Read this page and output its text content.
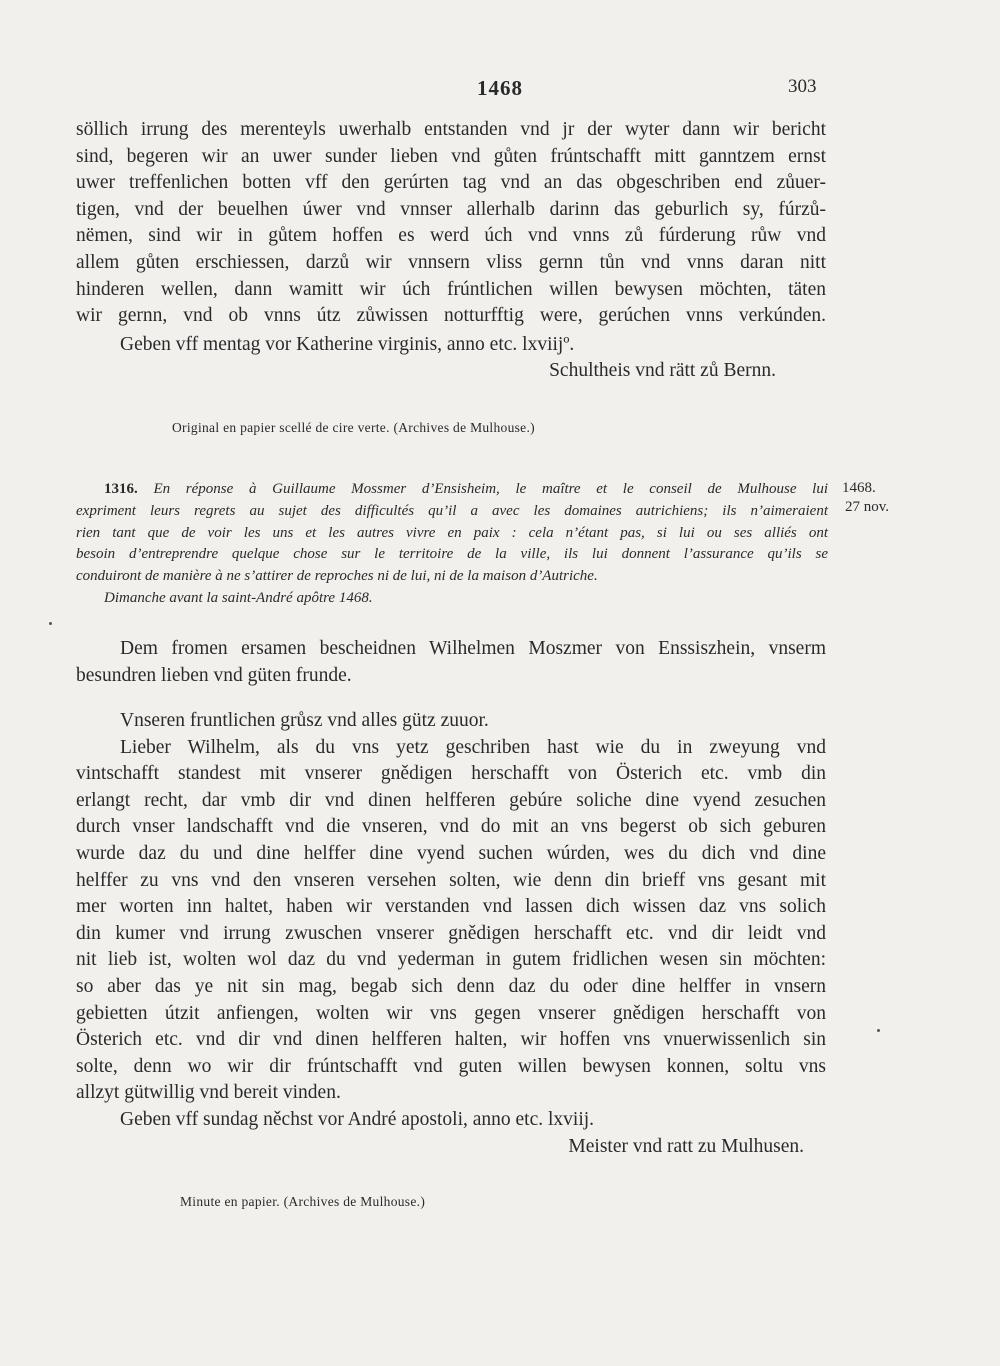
1468	303
söllich irrung des merenteyls uwerhalb entstanden vnd jr der wyter dann wir bericht
sind, begeren wir an uwer sunder lieben vnd gůten frúntschafft mitt ganntzem ernst
uwer treffenlichen botten vff den gerúrten tag vnd an das obgeschriben end zůuer-
tigen, vnd der beuelhen úwer vnd vnnser allerhalb darinn das geburlich sy, fúrzů-
nëmen, sind wir in gůtem hoffen es werd úch vnd vnns zů fúrderung růw vnd
allem gůten erschiessen, darzů wir vnnsern vliss gernn tůn vnd vnns daran nitt
hinderen wellen, dann wamitt wir úch frúntlichen willen bewysen möchten, täten
wir gernn, vnd ob vnns útz zůwissen notturfftig were, gerúchen vnns verkúnden.
Geben vff mentag vor Katherine virginis, anno etc. lxviijº.
Schultheis vnd rätt zů Bernn.
Original en papier scellé de cire verte. (Archives de Mulhouse.)
1316. En réponse à Guillaume Mossmer d’Ensisheim, le maître et le conseil de Mulhouse lui
expriment leurs regrets au sujet des difficultés qu’il a avec les domaines autrichiens; ils n’aimeraient
rien tant que de voir les uns et les autres vivre en paix : cela n’étant pas, si lui ou ses alliés ont
besoin d’entreprendre quelque chose sur le territoire de la ville, ils lui donnent l’assurance qu’ils se
conduiront de manière à ne s’attirer de reproches ni de lui, ni de la maison d’Autriche.
Dimanche avant la saint-André apôtre 1468.
1468.
27 nov.
Dem fromen ersamen bescheidnen Wilhelmen Moszmer von Enssiszhein, vnserm
besundren lieben vnd güten frunde.
Vnseren fruntlichen grůsz vnd alles gütz zuuor.
Lieber Wilhelm, als du vns yetz geschriben hast wie du in zweyung vnd
vintschafft standest mit vnserer gnědigen herschafft von Österich etc. vmb din
erlangt recht, dar vmb dir vnd dinen helfferen gebúre soliche dine vyend zesuchen
durch vnser landschafft vnd die vnseren, vnd do mit an vns begerst ob sich geburen
wurde daz du und dine helffer dine vyend suchen wúrden, wes du dich vnd dine
helffer zu vns vnd den vnseren versehen solten, wie denn din brieff vns gesant mit
mer worten inn haltet, haben wir verstanden vnd lassen dich wissen daz vns solich
din kumer vnd irrung zwuschen vnserer gnědigen herschafft etc. vnd dir leidt vnd
nit lieb ist, wolten wol daz du vnd yederman in gutem fridlichen wesen sin möchten:
so aber das ye nit sin mag, begab sich denn daz du oder dine helffer in vnsern
gebietten útzit anfiengen, wolten wir vns gegen vnserer gnědigen herschafft von
Österich etc. vnd dir vnd dinen helfferen halten, wir hoffen vns vnuerwissenlich sin
solte, denn wo wir dir frúntschafft vnd guten willen bewysen konnen, soltu vns
allzyt gütwillig vnd bereit vinden.
Geben vff sundag něchst vor André apostoli, anno etc. lxviij.
Meister vnd ratt zu Mulhusen.
Minute en papier. (Archives de Mulhouse.)
